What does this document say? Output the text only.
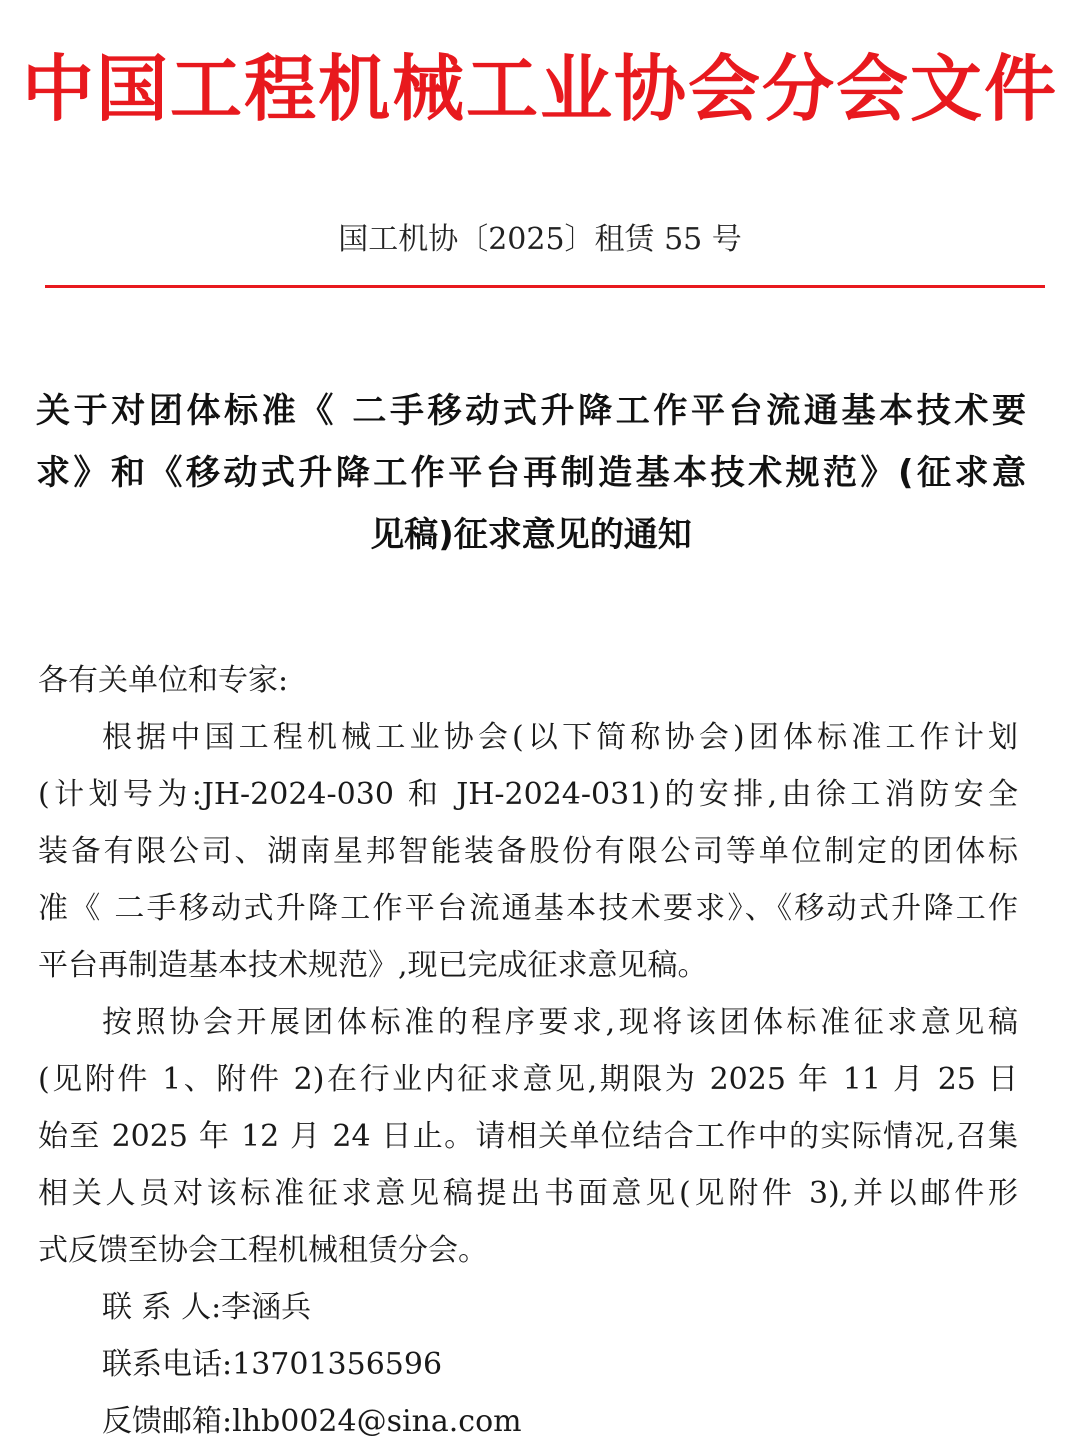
中国工程机械工业协会分会文件
国工机协〔2025〕租赁 55 号
关于对团体标准《 二手移动式升降工作平台流通基本技术要
求》和《移动式升降工作平台再制造基本技术规范》(征求意
见稿)征求意见的通知
各有关单位和专家:
根据中国工程机械工业协会(以下简称协会)团体标准工作计划
(计划号为:JH-2024-030 和 JH-2024-031)的安排,由徐工消防安全
装备有限公司、湖南星邦智能装备股份有限公司等单位制定的团体标
准《 二手移动式升降工作平台流通基本技术要求》、《移动式升降工作
平台再制造基本技术规范》,现已完成征求意见稿。
按照协会开展团体标准的程序要求,现将该团体标准征求意见稿
(见附件 1、附件 2)在行业内征求意见,期限为 2025 年 11 月 25 日
始至 2025 年 12 月 24 日止。请相关单位结合工作中的实际情况,召集
相关人员对该标准征求意见稿提出书面意见(见附件 3),并以邮件形
式反馈至协会工程机械租赁分会。
联 系 人:李涵兵
联系电话:13701356596
反馈邮箱:lhb0024@sina.com
